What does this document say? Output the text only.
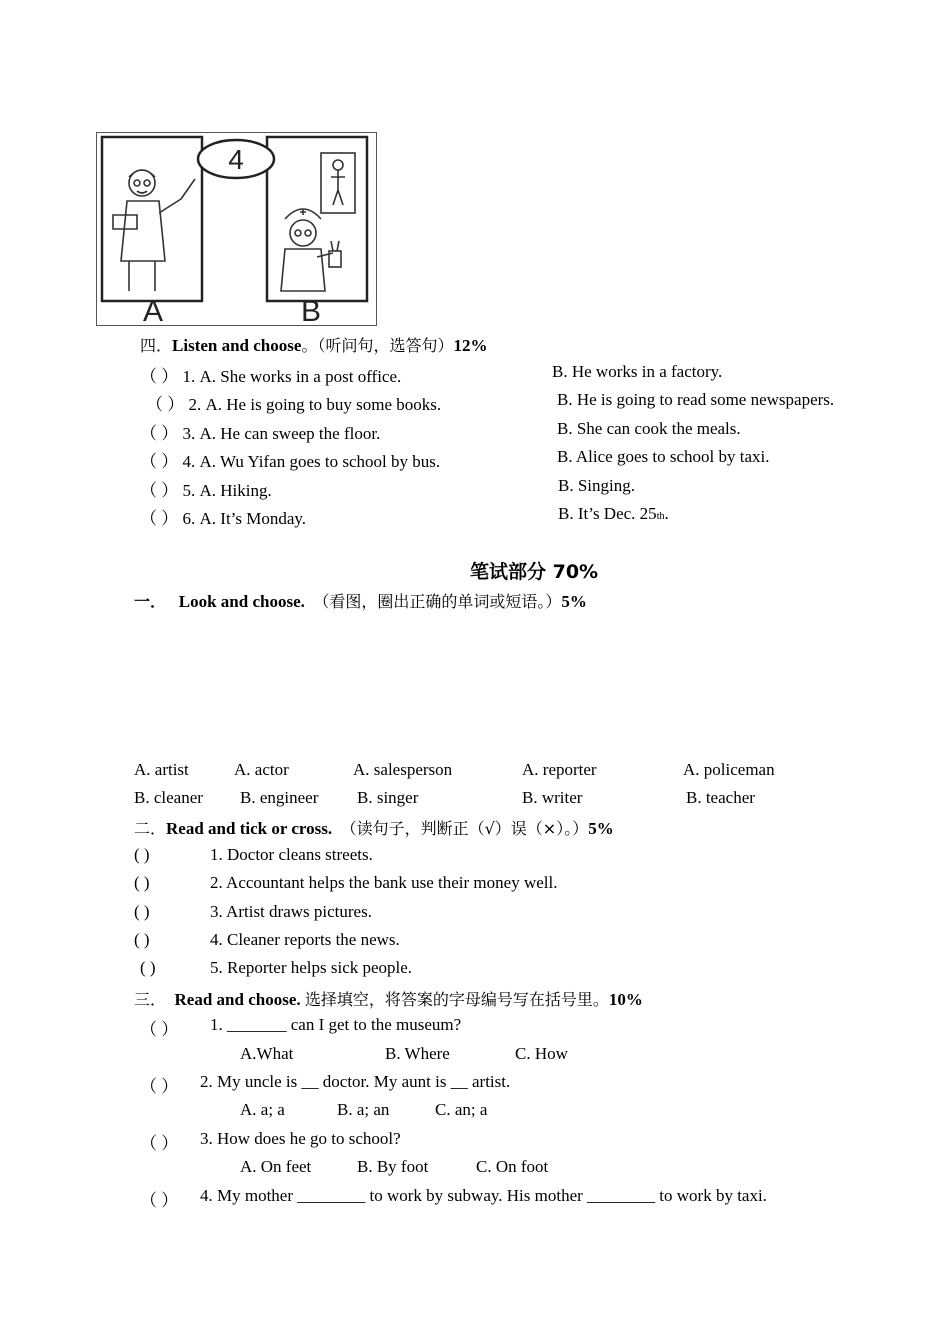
4
A	B
四．Listen and choose。（听问句，选答句）12%
（ ） 1. A. She works in a post office.	B. He works in a factory.
（ ） 2. A. He is going to buy some books.	B. He is going to read some newspapers.
（ ） 3. A. He can sweep the floor.	B. She can cook the meals.
（ ） 4. A. Wu Yifan goes to school by bus.	B. Alice goes to school by taxi.
（ ） 5. A. Hiking.	B. Singing.
（ ） 6. A. It’s Monday.	B. It’s Dec. 25th.
笔试部分 70%
一． Look and choose. （看图，圈出正确的单词或短语。）5%
A. artist	A. actor	A. salesperson	A. reporter	A. policeman
B. cleaner B. engineer B. singer	B. writer	B. teacher
二．Read and tick or cross. （读句子，判断正（√）误（×）。）5%
( )	1. Doctor cleans streets.
( )	2. Accountant helps the bank use their money well.
( )	3. Artist draws pictures.
( )	4. Cleaner reports the news.
( )	5. Reporter helps sick people.
三． Read and choose. 选择填空，将答案的字母编号写在括号里。10%
（ ） 1. _______ can I get to the museum?
A.What	B. Where	C. How
（ ） 2. My uncle is __ doctor. My aunt is __ artist.
A. a; a	B. a; an	C. an; a
（ ） 3. How does he go to school?
A. On feet	B. By foot	C. On foot
（ ） 4. My mother ________ to work by subway. His mother ________ to work by taxi.
